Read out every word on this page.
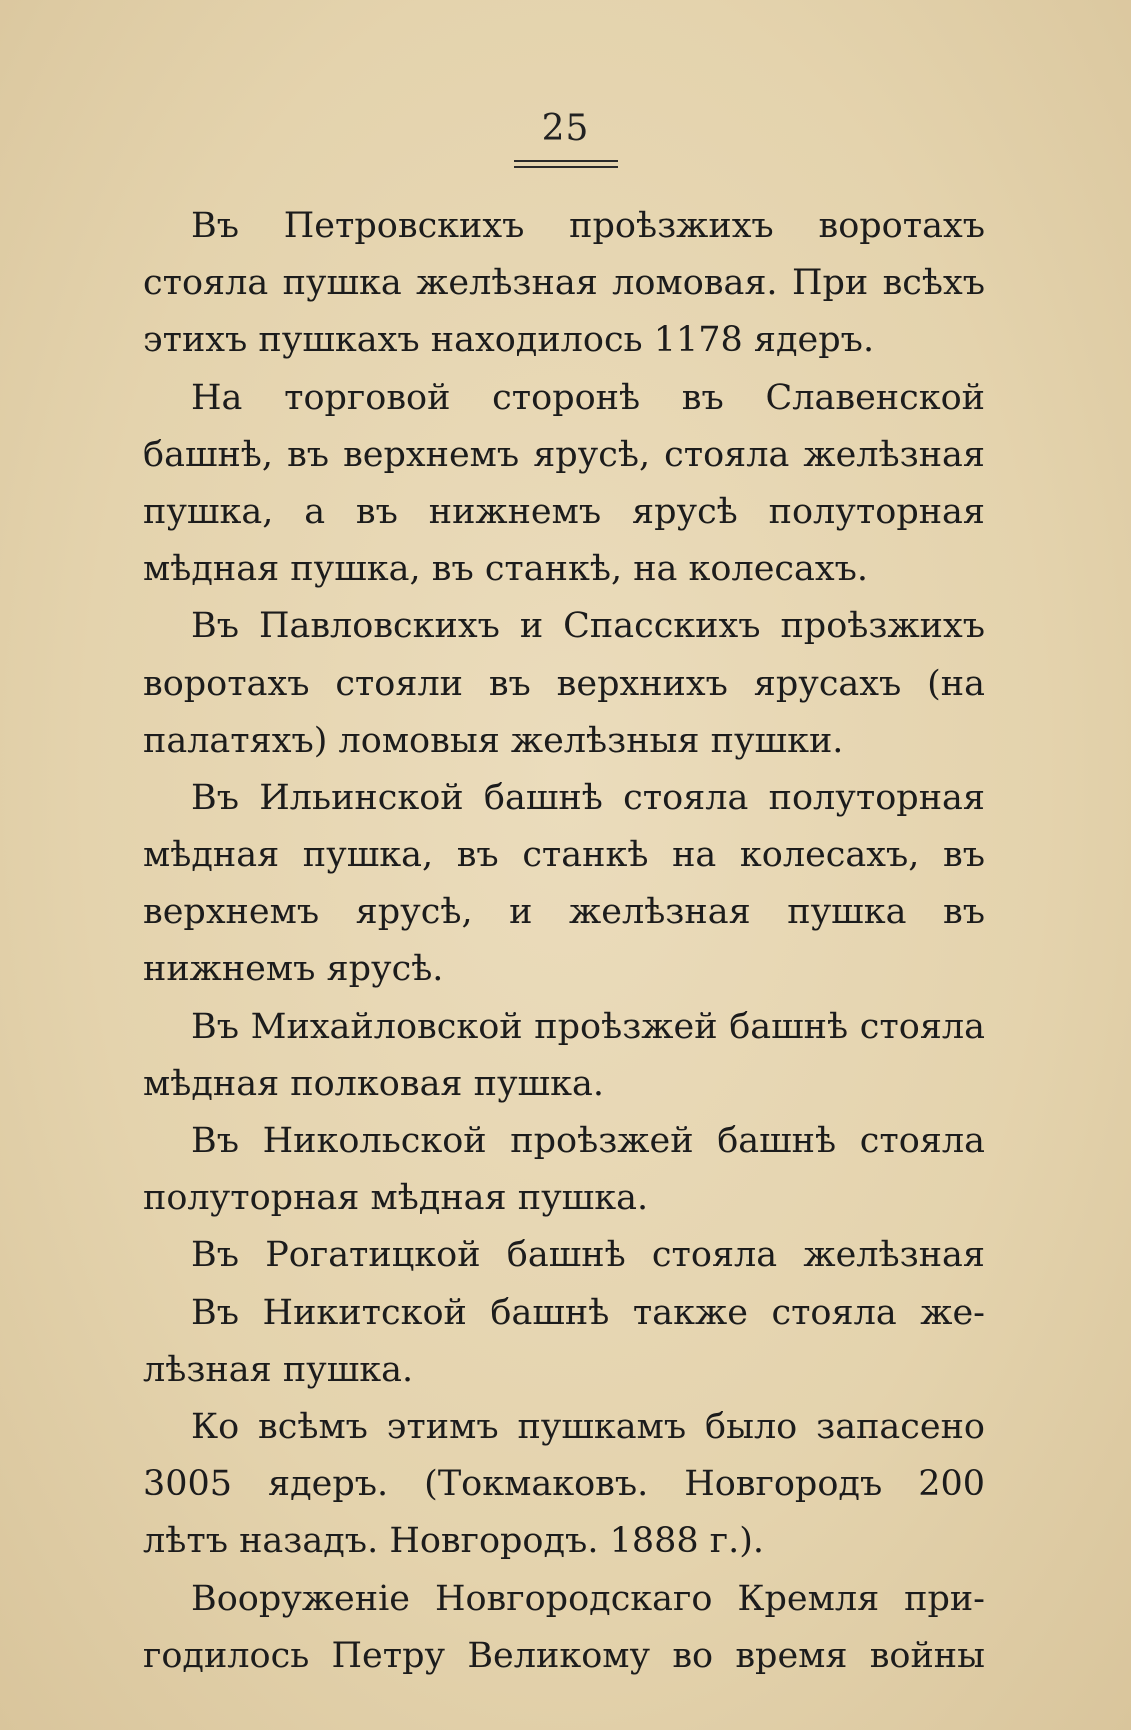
25
Въ Петровскихъ проѣзжихъ воротахъ
стояла пушка желѣзная ломовая. При всѣхъ
этихъ пушкахъ находилось 1178 ядеръ.
На торговой сторонѣ въ Славенской
башнѣ, въ верхнемъ ярусѣ, стояла желѣзная
пушка, а въ нижнемъ ярусѣ полуторная
мѣдная пушка, въ станкѣ, на колесахъ.
Въ Павловскихъ и Спасскихъ проѣзжихъ
воротахъ стояли въ верхнихъ ярусахъ (на
палатяхъ) ломовыя желѣзныя пушки.
Въ Ильинской башнѣ стояла полуторная
мѣдная пушка, въ станкѣ на колесахъ, въ
верхнемъ ярусѣ, и желѣзная пушка въ
нижнемъ ярусѣ.
Въ Михайловской проѣзжей башнѣ стояла
мѣдная полковая пушка.
Въ Никольской проѣзжей башнѣ стояла
полуторная мѣдная пушка.
Въ Рогатицкой башнѣ стояла желѣзная
Въ Никитской башнѣ также стояла же-
лѣзная пушка.
Ко всѣмъ этимъ пушкамъ было запасено
3005 ядеръ. (Токмаковъ. Новгородъ 200
лѣтъ назадъ. Новгородъ. 1888 г.).
Вооруженіе Новгородскаго Кремля при-
годилось Петру Великому во время войны
